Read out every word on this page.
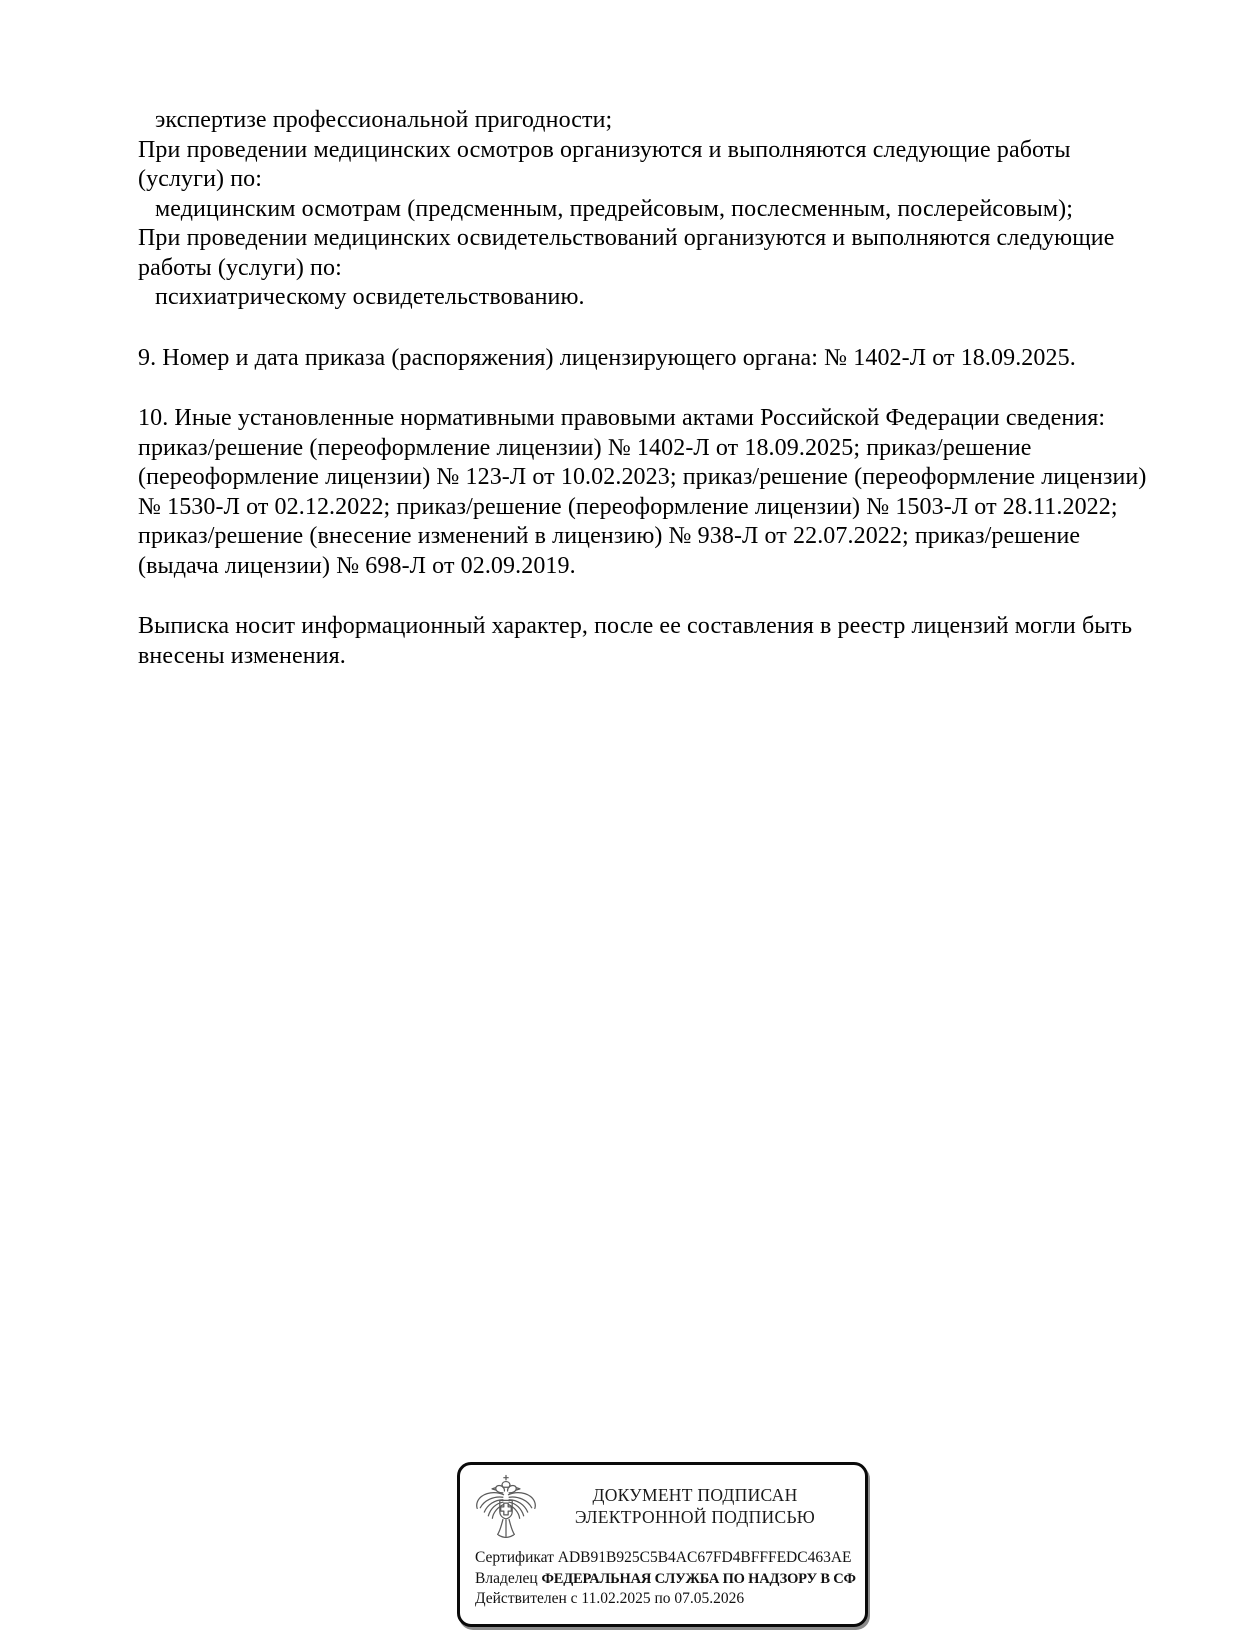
экспертизе профессиональной пригодности;
При проведении медицинских осмотров организуются и выполняются следующие работы
(услуги) по:
медицинским осмотрам (предсменным, предрейсовым, послесменным, послерейсовым);
При проведении медицинских освидетельствований организуются и выполняются следующие
работы (услуги) по:
психиатрическому освидетельствованию.
9. Номер и дата приказа (распоряжения) лицензирующего органа: № 1402-Л от 18.09.2025.
10. Иные установленные нормативными правовыми актами Российской Федерации сведения:
приказ/решение (переоформление лицензии) № 1402-Л от 18.09.2025; приказ/решение
(переоформление лицензии) № 123-Л от 10.02.2023; приказ/решение (переоформление лицензии)
№ 1530-Л от 02.12.2022; приказ/решение (переоформление лицензии) № 1503-Л от 28.11.2022;
приказ/решение (внесение изменений в лицензию) № 938-Л от 22.07.2022; приказ/решение
(выдача лицензии) № 698-Л от 02.09.2019.
Выписка носит информационный характер, после ее составления в реестр лицензий могли быть
внесены изменения.
ДОКУМЕНТ ПОДПИСАН
ЭЛЕКТРОННОЙ ПОДПИСЬЮ
Сертификат ADB91B925C5B4AC67FD4BFFFEDC463AE
Владелец ФЕДЕРАЛЬНАЯ СЛУЖБА ПО НАДЗОРУ В СФ
Действителен с 11.02.2025 по 07.05.2026
